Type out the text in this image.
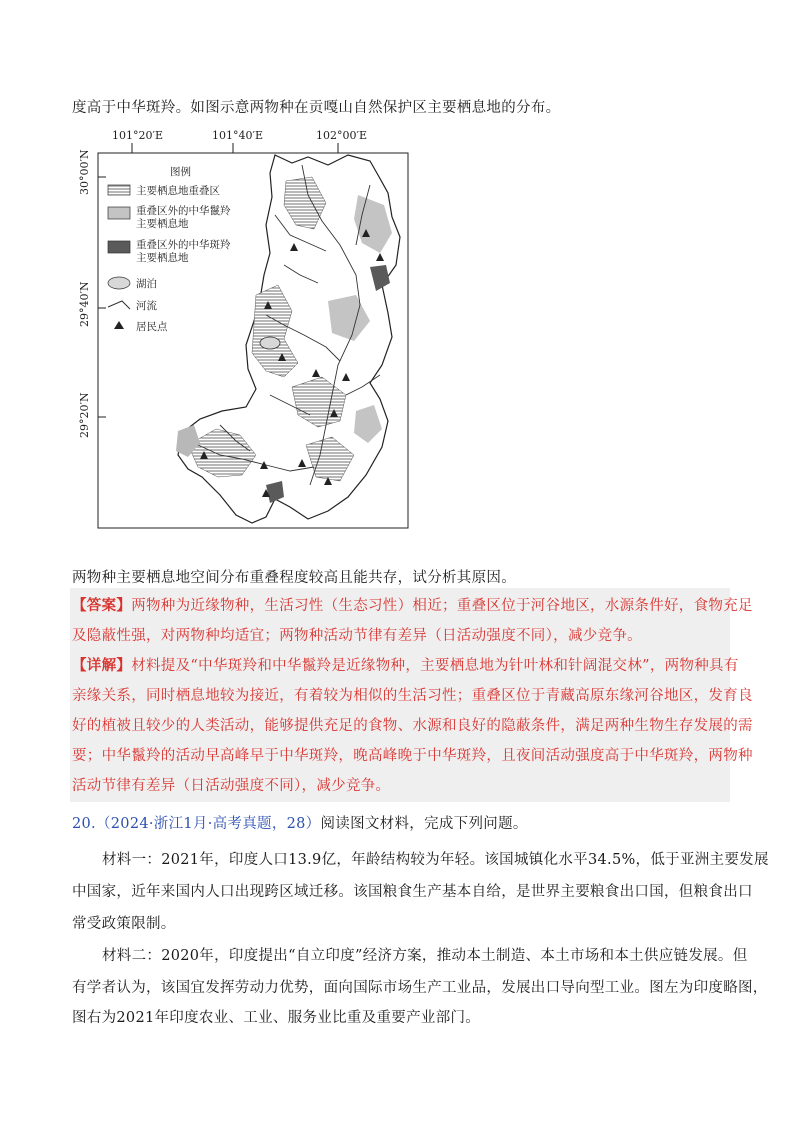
度高于中华斑羚。如图示意两物种在贡嘎山自然保护区主要栖息地的分布。
101°20′E	101°40′E	102°00′E
30°00′N
29°40′N
29°20′N
图例
主要栖息地重叠区
重叠区外的中华鬣羚
主要栖息地
重叠区外的中华斑羚
主要栖息地
湖泊
河流
居民点
两物种主要栖息地空间分布重叠程度较高且能共存，试分析其原因。
【答案】两物种为近缘物种，生活习性（生态习性）相近；重叠区位于河谷地区，水源条件好，食物充足
及隐蔽性强，对两物种均适宜；两物种活动节律有差异（日活动强度不同），减少竞争。
【详解】材料提及“中华斑羚和中华鬣羚是近缘物种，主要栖息地为针叶林和针阔混交林”，两物种具有
亲缘关系，同时栖息地较为接近，有着较为相似的生活习性；重叠区位于青藏高原东缘河谷地区，发育良
好的植被且较少的人类活动，能够提供充足的食物、水源和良好的隐蔽条件，满足两种生物生存发展的需
要；中华鬣羚的活动早高峰早于中华斑羚，晚高峰晚于中华斑羚，且夜间活动强度高于中华斑羚，两物种
活动节律有差异（日活动强度不同），减少竞争。
20.（2024·浙江1月·高考真题，28）阅读图文材料，完成下列问题。
材料一：2021年，印度人口13.9亿，年龄结构较为年轻。该国城镇化水平34.5%，低于亚洲主要发展
中国家，近年来国内人口出现跨区域迁移。该国粮食生产基本自给，是世界主要粮食出口国，但粮食出口
常受政策限制。
材料二：2020年，印度提出“自立印度”经济方案，推动本土制造、本土市场和本土供应链发展。但
有学者认为，该国宜发挥劳动力优势，面向国际市场生产工业品，发展出口导向型工业。图左为印度略图，
图右为2021年印度农业、工业、服务业比重及重要产业部门。
